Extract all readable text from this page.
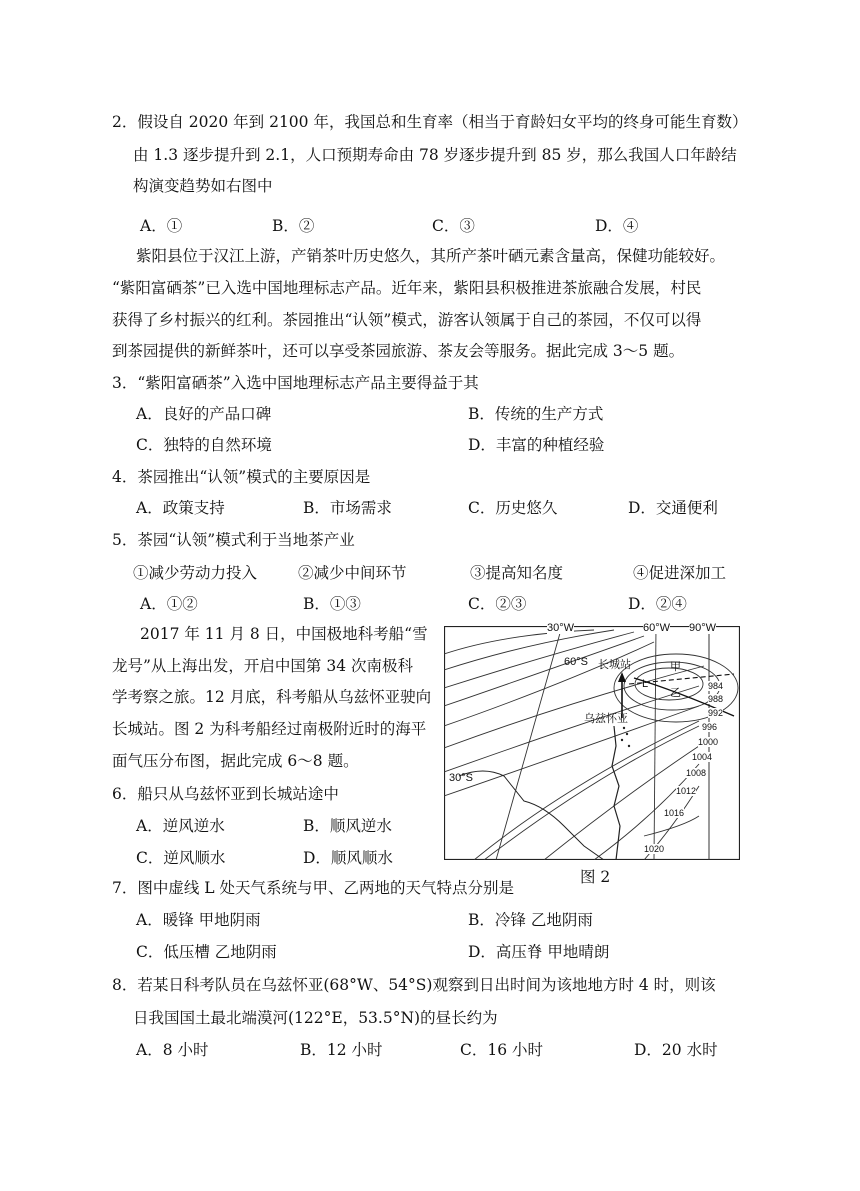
2．假设自 2020 年到 2100 年，我国总和生育率（相当于育龄妇女平均的终身可能生育数）
由 1.3 逐步提升到 2.1，人口预期寿命由 78 岁逐步提升到 85 岁，那么我国人口年龄结
构演变趋势如右图中
A．①	B．②	C．③	D．④
紫阳县位于汉江上游，产销茶叶历史悠久，其所产茶叶硒元素含量高，保健功能较好。
“紫阳富硒茶”已入选中国地理标志产品。近年来，紫阳县积极推进茶旅融合发展，村民
获得了乡村振兴的红利。茶园推出“认领”模式，游客认领属于自己的茶园，不仅可以得
到茶园提供的新鲜茶叶，还可以享受茶园旅游、茶友会等服务。据此完成 3～5 题。
3．“紫阳富硒茶”入选中国地理标志产品主要得益于其
A．良好的产品口碑	B．传统的生产方式
C．独特的自然环境	D．丰富的种植经验
4．茶园推出“认领”模式的主要原因是
A．政策支持	B．市场需求	C．历史悠久	D．交通便利
5．茶园“认领”模式利于当地茶产业
①减少劳动力投入	②减少中间环节	③提高知名度	④促进深加工
A．①②	B．①③	C．②③	D．②④
2017 年 11 月 8 日，中国极地科考船“雪
龙号”从上海出发，开启中国第 34 次南极科
学考察之旅。12 月底，科考船从乌兹怀亚驶向
长城站。图 2 为科考船经过南极附近时的海平
面气压分布图，据此完成 6～8 题。
6．船只从乌兹怀亚到长城站途中
A．逆风逆水	B．顺风逆水
C．逆风顺水	D．顺风顺水
30°W	60°W 90°W
60°S
30°S
长城站
乌兹怀亚
甲
乙
L	984
988
992
996
1000
1004
1008
1012
1016
1020
图 2
7．图中虚线 L 处天气系统与甲、乙两地的天气特点分别是
A．暖锋 甲地阴雨	B．冷锋 乙地阴雨
C．低压槽 乙地阴雨	D．高压脊 甲地晴朗
8．若某日科考队员在乌兹怀亚(68°W、54°S)观察到日出时间为该地地方时 4 时，则该
日我国国土最北端漠河(122°E，53.5°N)的昼长约为
A．8 小时	B．12 小时	C．16 小时	D．20 水时
